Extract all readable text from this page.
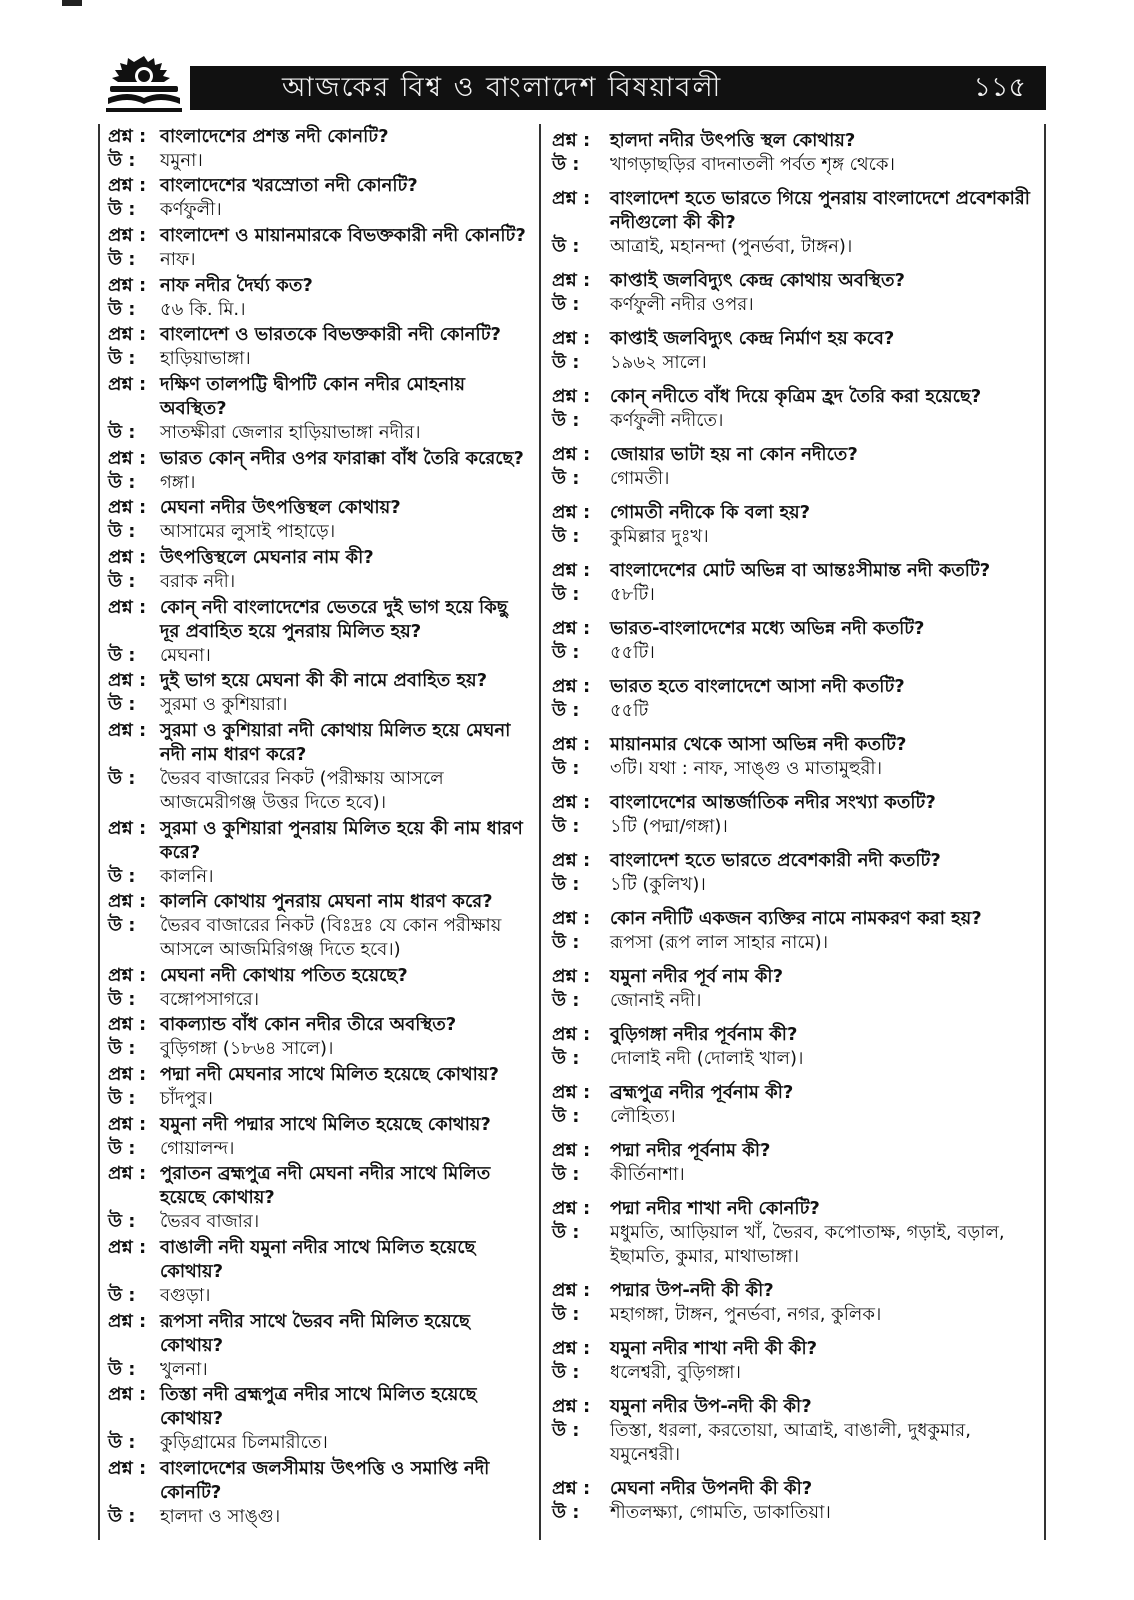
আজকের বিশ্ব ও বাংলাদেশ বিষয়াবলী	১১৫
প্রশ্ন : বাংলাদেশের প্রশস্ত নদী কোনটি?
উ :	যমুনা।
প্রশ্ন : বাংলাদেশের খরস্রোতা নদী কোনটি?
উ :	কর্ণফুলী।
প্রশ্ন : বাংলাদেশ ও মায়ানমারকে বিভক্তকারী নদী কোনটি?
উ :	নাফ।
প্রশ্ন : নাফ নদীর দৈর্ঘ্য কত?
উ :	৫৬ কি. মি.।
প্রশ্ন : বাংলাদেশ ও ভারতকে বিভক্তকারী নদী কোনটি?
উ :	হাড়িয়াভাঙ্গা।
প্রশ্ন : দক্ষিণ তালপট্টি দ্বীপটি কোন নদীর মোহনায় অবস্থিত?
উ :	সাতক্ষীরা জেলার হাড়িয়াভাঙ্গা নদীর।
প্রশ্ন : ভারত কোন্ নদীর ওপর ফারাক্কা বাঁধ তৈরি করেছে?
উ :	গঙ্গা।
প্রশ্ন : মেঘনা নদীর উৎপত্তিস্থল কোথায়?
উ :	আসামের লুসাই পাহাড়ে।
প্রশ্ন : উৎপত্তিস্থলে মেঘনার নাম কী?
উ :	বরাক নদী।
প্রশ্ন : কোন্ নদী বাংলাদেশের ভেতরে দুই ভাগ হয়ে কিছু দূর প্রবাহিত হয়ে পুনরায় মিলিত হয়?
উ :	মেঘনা।
প্রশ্ন : দুই ভাগ হয়ে মেঘনা কী কী নামে প্রবাহিত হয়?
উ :	সুরমা ও কুশিয়ারা।
প্রশ্ন : সুরমা ও কুশিয়ারা নদী কোথায় মিলিত হয়ে মেঘনা নদী নাম ধারণ করে?
উ :	ভৈরব বাজারের নিকট (পরীক্ষায় আসলে আজমেরীগঞ্জ উত্তর দিতে হবে)।
প্রশ্ন : সুরমা ও কুশিয়ারা পুনরায় মিলিত হয়ে কী নাম ধারণ করে?
উ :	কালনি।
প্রশ্ন : কালনি কোথায় পুনরায় মেঘনা নাম ধারণ করে?
উ :	ভৈরব বাজারের নিকট (বিঃদ্রঃ যে কোন পরীক্ষায় আসলে আজমিরিগঞ্জ দিতে হবে।)
প্রশ্ন : মেঘনা নদী কোথায় পতিত হয়েছে?
উ :	বঙ্গোপসাগরে।
প্রশ্ন : বাকল্যান্ড বাঁধ কোন নদীর তীরে অবস্থিত?
উ :	বুড়িগঙ্গা (১৮৬৪ সালে)।
প্রশ্ন : পদ্মা নদী মেঘনার সাথে মিলিত হয়েছে কোথায়?
উ :	চাঁদপুর।
প্রশ্ন : যমুনা নদী পদ্মার সাথে মিলিত হয়েছে কোথায়?
উ :	গোয়ালন্দ।
প্রশ্ন : পুরাতন ব্রহ্মপুত্র নদী মেঘনা নদীর সাথে মিলিত হয়েছে কোথায়?
উ :	ভৈরব বাজার।
প্রশ্ন : বাঙালী নদী যমুনা নদীর সাথে মিলিত হয়েছে কোথায়?
উ :	বগুড়া।
প্রশ্ন : রূপসা নদীর সাথে ভৈরব নদী মিলিত হয়েছে কোথায়?
উ :	খুলনা।
প্রশ্ন : তিস্তা নদী ব্রহ্মপুত্র নদীর সাথে মিলিত হয়েছে কোথায়?
উ :	কুড়িগ্রামের চিলমারীতে।
প্রশ্ন : বাংলাদেশের জলসীমায় উৎপত্তি ও সমাপ্তি নদী কোনটি?
উ :	হালদা ও সাঙ্গু।
প্রশ্ন :	হালদা নদীর উৎপত্তি স্থল কোথায়?
উ :	খাগড়াছড়ির বাদনাতলী পর্বত শৃঙ্গ থেকে।
প্রশ্ন :	বাংলাদেশ হতে ভারতে গিয়ে পুনরায় বাংলাদেশে প্রবেশকারী নদীগুলো কী কী?
উ :	আত্রাই, মহানন্দা (পুনর্ভবা, টাঙ্গন)।
প্রশ্ন :	কাপ্তাই জলবিদ্যুৎ কেন্দ্র কোথায় অবস্থিত?
উ :	কর্ণফুলী নদীর ওপর।
প্রশ্ন :	কাপ্তাই জলবিদ্যুৎ কেন্দ্র নির্মাণ হয় কবে?
উ :	১৯৬২ সালে।
প্রশ্ন :	কোন্ নদীতে বাঁধ দিয়ে কৃত্রিম হ্রদ তৈরি করা হয়েছে?
উ :	কর্ণফুলী নদীতে।
প্রশ্ন :	জোয়ার ভাটা হয় না কোন নদীতে?
উ :	গোমতী।
প্রশ্ন :	গোমতী নদীকে কি বলা হয়?
উ :	কুমিল্লার দুঃখ।
প্রশ্ন :	বাংলাদেশের মোট অভিন্ন বা আন্তঃসীমান্ত নদী কতটি?
উ :	৫৮টি।
প্রশ্ন :	ভারত-বাংলাদেশের মধ্যে অভিন্ন নদী কতটি?
উ :	৫৫টি।
প্রশ্ন :	ভারত হতে বাংলাদেশে আসা নদী কতটি?
উ :	৫৫টি
প্রশ্ন :	মায়ানমার থেকে আসা অভিন্ন নদী কতটি?
উ :	৩টি। যথা : নাফ, সাঙ্গু ও মাতামুহুরী।
প্রশ্ন :	বাংলাদেশের আন্তর্জাতিক নদীর সংখ্যা কতটি?
উ :	১টি (পদ্মা/গঙ্গা)।
প্রশ্ন :	বাংলাদেশ হতে ভারতে প্রবেশকারী নদী কতটি?
উ :	১টি (কুলিখ)।
প্রশ্ন :	কোন নদীটি একজন ব্যক্তির নামে নামকরণ করা হয়?
উ :	রূপসা (রূপ লাল সাহার নামে)।
প্রশ্ন :	যমুনা নদীর পূর্ব নাম কী?
উ :	জোনাই নদী।
প্রশ্ন :	বুড়িগঙ্গা নদীর পূর্বনাম কী?
উ :	দোলাই নদী (দোলাই খাল)।
প্রশ্ন :	ব্রহ্মপুত্র নদীর পূর্বনাম কী?
উ :	লৌহিত্য।
প্রশ্ন :	পদ্মা নদীর পূর্বনাম কী?
উ :	কীর্তিনাশা।
প্রশ্ন :	পদ্মা নদীর শাখা নদী কোনটি?
উ :	মধুমতি, আড়িয়াল খাঁ, ভৈরব, কপোতাক্ষ, গড়াই, বড়াল, ইছামতি, কুমার, মাথাভাঙ্গা।
প্রশ্ন :	পদ্মার উপ-নদী কী কী?
উ :	মহাগঙ্গা, টাঙ্গন, পুনর্ভবা, নগর, কুলিক।
প্রশ্ন :	যমুনা নদীর শাখা নদী কী কী?
উ :	ধলেশ্বরী, বুড়িগঙ্গা।
প্রশ্ন :	যমুনা নদীর উপ-নদী কী কী?
উ :	তিস্তা, ধরলা, করতোয়া, আত্রাই, বাঙালী, দুধকুমার, যমুনেশ্বরী।
প্রশ্ন :	মেঘনা নদীর উপনদী কী কী?
উ :	শীতলক্ষ্যা, গোমতি, ডাকাতিয়া।
